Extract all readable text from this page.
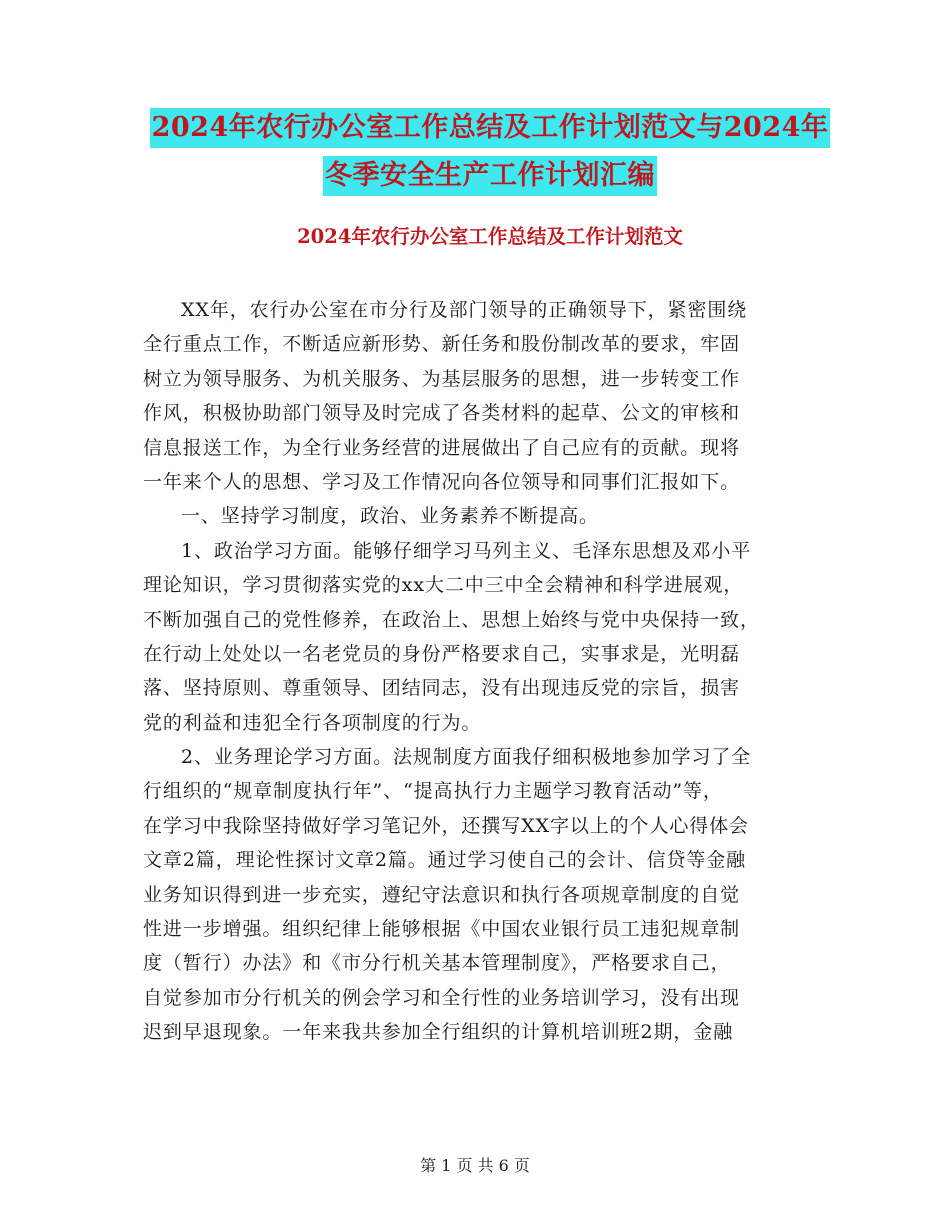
2024年农行办公室工作总结及工作计划范文与2024年
冬季安全生产工作计划汇编
2024年农行办公室工作总结及工作计划范文
XX年，农行办公室在市分行及部门领导的正确领导下，紧密围绕
全行重点工作，不断适应新形势、新任务和股份制改革的要求，牢固
树立为领导服务、为机关服务、为基层服务的思想，进一步转变工作
作风，积极协助部门领导及时完成了各类材料的起草、公文的审核和
信息报送工作，为全行业务经营的进展做出了自己应有的贡献。现将
一年来个人的思想、学习及工作情况向各位领导和同事们汇报如下。
一、坚持学习制度，政治、业务素养不断提高。
1、政治学习方面。能够仔细学习马列主义、毛泽东思想及邓小平
理论知识，学习贯彻落实党的xx大二中三中全会精神和科学进展观，
不断加强自己的党性修养，在政治上、思想上始终与党中央保持一致，
在行动上处处以一名老党员的身份严格要求自己，实事求是，光明磊
落、坚持原则、尊重领导、团结同志，没有出现违反党的宗旨，损害
党的利益和违犯全行各项制度的行为。
2、业务理论学习方面。法规制度方面我仔细积极地参加学习了全
行组织的“规章制度执行年”、“提高执行力主题学习教育活动”等，
在学习中我除坚持做好学习笔记外，还撰写XX字以上的个人心得体会
文章2篇，理论性探讨文章2篇。通过学习使自己的会计、信贷等金融
业务知识得到进一步充实，遵纪守法意识和执行各项规章制度的自觉
性进一步增强。组织纪律上能够根据《中国农业银行员工违犯规章制
度（暂行）办法》和《市分行机关基本管理制度》，严格要求自己，
自觉参加市分行机关的例会学习和全行性的业务培训学习，没有出现
迟到早退现象。一年来我共参加全行组织的计算机培训班2期，金融
第 1 页 共 6 页
